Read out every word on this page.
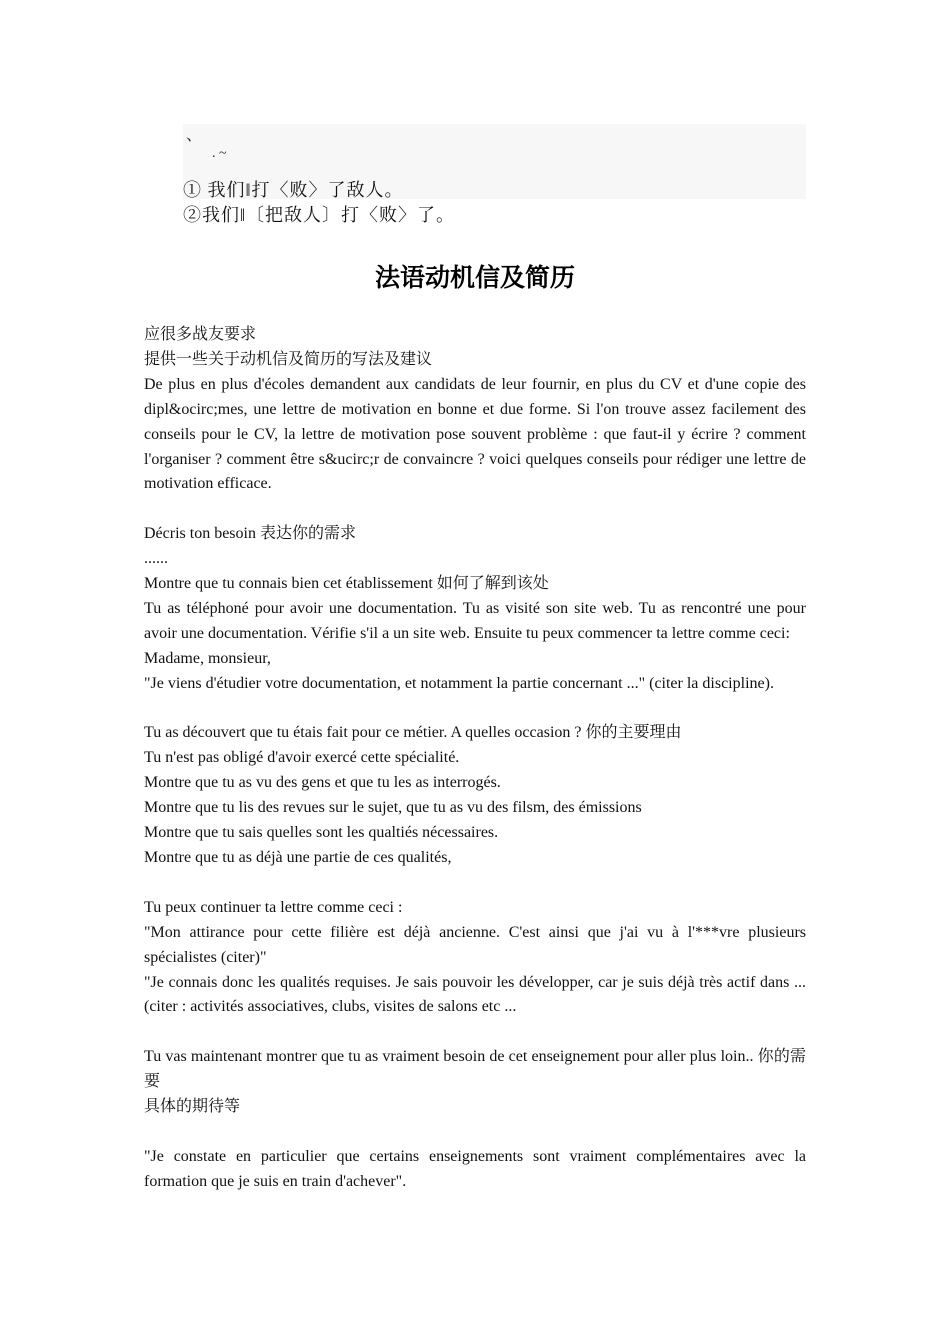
、
. ~
① 我们‖打〈败〉了敌人。
②我们‖〔把敌人〕打〈败〉了。
法语动机信及简历

应很多战友要求

提供一些关于动机信及简历的写法及建议

De plus en plus d'écoles demandent aux candidats de leur fournir, en plus du CV et d'une copie des dipl&ocirc;mes, une lettre de motivation en bonne et due forme. Si l'on trouve assez facilement des conseils pour le CV, la lettre de motivation pose souvent problème : que faut-il y écrire ? comment l'organiser ? comment être s&ucirc;r de convaincre ? voici quelques conseils pour rédiger une lettre de motivation efficace.

Décris ton besoin 表达你的需求

......

Montre que tu connais bien cet établissement 如何了解到该处

Tu as téléphoné pour avoir une documentation. Tu as visité son site web. Tu as rencontré une pour avoir une documentation. Vérifie s'il a un site web. Ensuite tu peux commencer ta lettre comme ceci:

Madame, monsieur,

"Je viens d'étudier votre documentation, et notamment la partie concernant ..." (citer la discipline).

Tu as découvert que tu étais fait pour ce métier. A quelles occasion ? 你的主要理由

Tu n'est pas obligé d'avoir exercé cette spécialité.

Montre que tu as vu des gens et que tu les as interrogés.

Montre que tu lis des revues sur le sujet, que tu as vu des filsm, des émissions

Montre que tu sais quelles sont les qualtiés nécessaires.

Montre que tu as déjà une partie de ces qualités,

Tu peux continuer ta lettre comme ceci :

"Mon attirance pour cette filière est déjà ancienne. C'est ainsi que j'ai vu à l'***vre plusieurs spécialistes (citer)"

"Je connais donc les qualités requises. Je sais pouvoir les développer, car je suis déjà très actif dans ... (citer : activités associatives, clubs, visites de salons etc ...

Tu vas maintenant montrer que tu as vraiment besoin de cet enseignement pour aller plus loin.. 你的需要

具体的期待等

"Je constate en particulier que certains enseignements sont vraiment complémentaires avec la formation que je suis en train d'achever".
